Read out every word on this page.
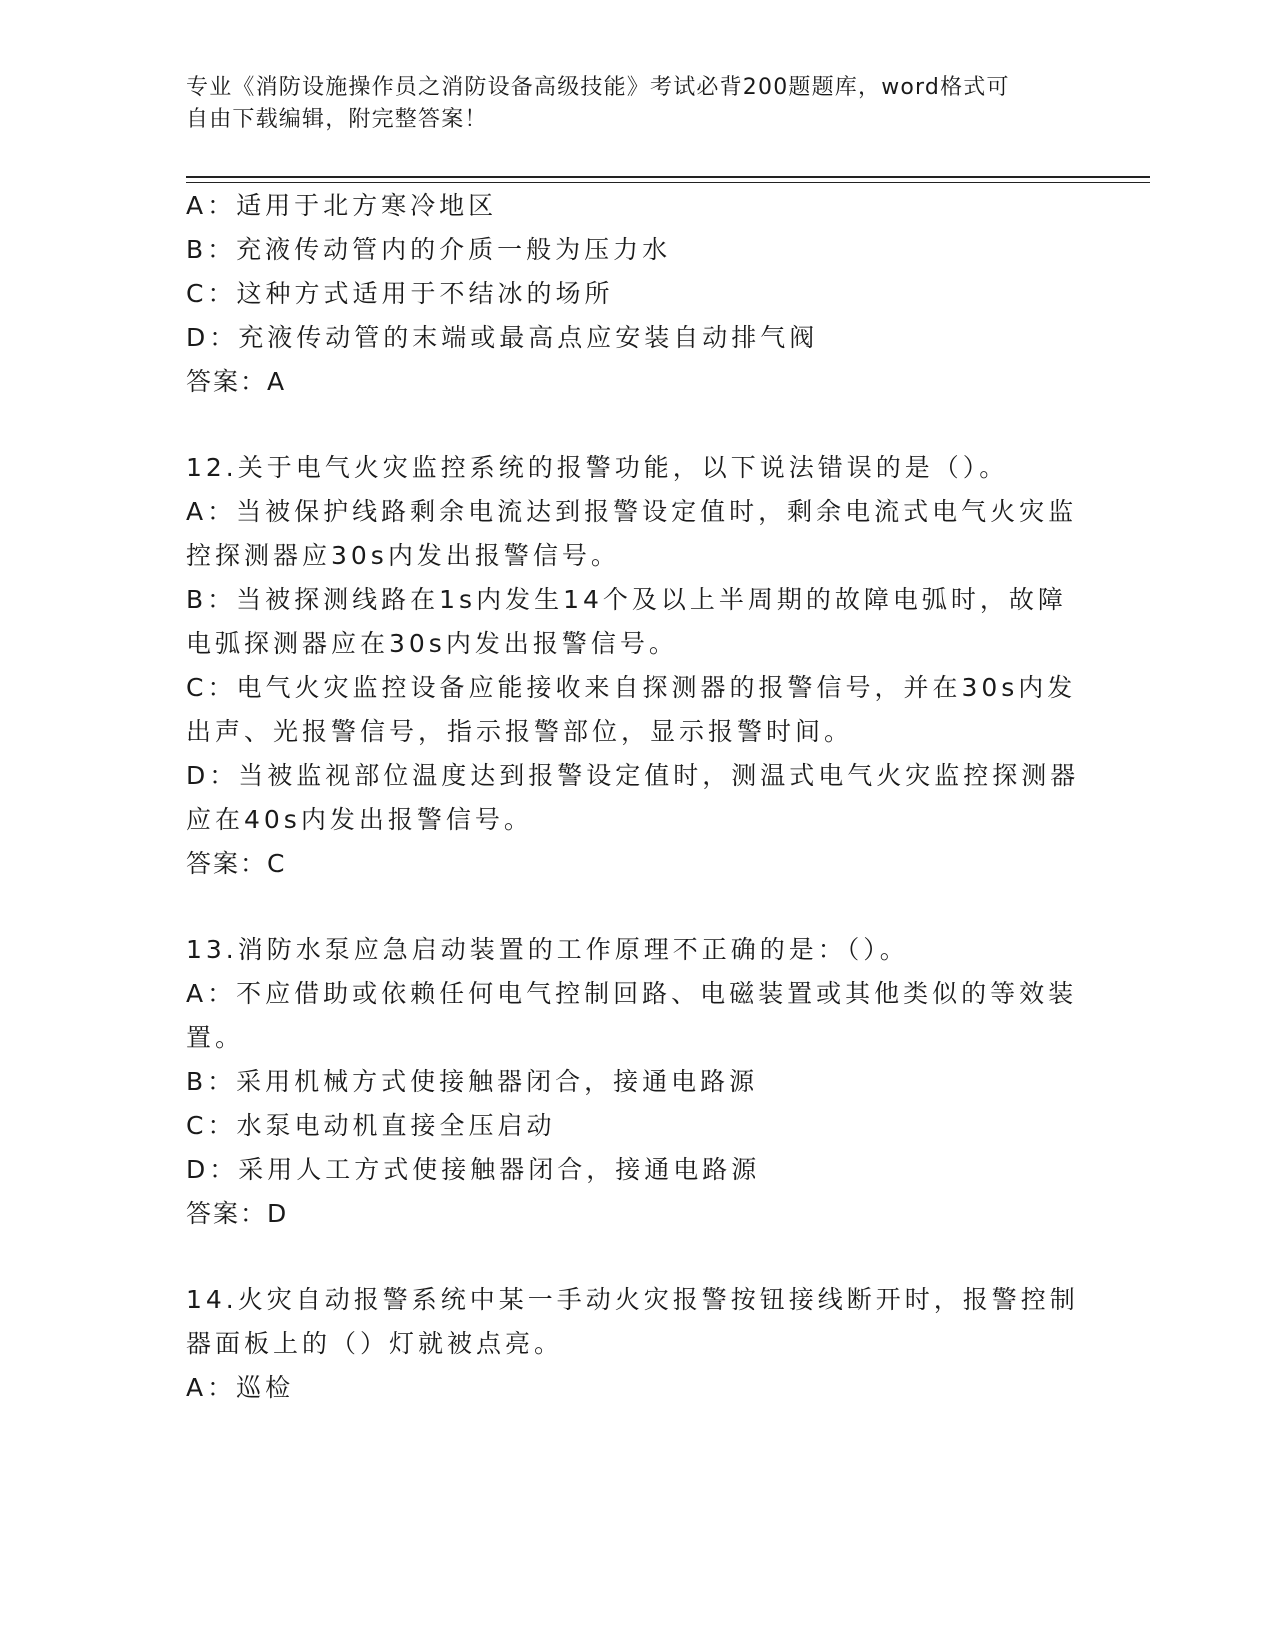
专业《消防设施操作员之消防设备高级技能》考试必背200题题库，word格式可
自由下载编辑，附完整答案！
A：适用于北方寒冷地区
B：充液传动管内的介质一般为压力水
C：这种方式适用于不结冰的场所
D：充液传动管的末端或最高点应安装自动排气阀
答案：A
12.关于电气火灾监控系统的报警功能，以下说法错误的是（）。
A：当被保护线路剩余电流达到报警设定值时，剩余电流式电气火灾监
控探测器应30s内发出报警信号。
B：当被探测线路在1s内发生14个及以上半周期的故障电弧时，故障
电弧探测器应在30s内发出报警信号。
C：电气火灾监控设备应能接收来自探测器的报警信号，并在30s内发
出声、光报警信号，指示报警部位，显示报警时间。
D：当被监视部位温度达到报警设定值时，测温式电气火灾监控探测器
应在40s内发出报警信号。
答案：C
13.消防水泵应急启动装置的工作原理不正确的是：（）。
A：不应借助或依赖任何电气控制回路、电磁装置或其他类似的等效装
置。
B：采用机械方式使接触器闭合，接通电路源
C：水泵电动机直接全压启动
D：采用人工方式使接触器闭合，接通电路源
答案：D
14.火灾自动报警系统中某一手动火灾报警按钮接线断开时，报警控制
器面板上的（）灯就被点亮。
A：巡检
